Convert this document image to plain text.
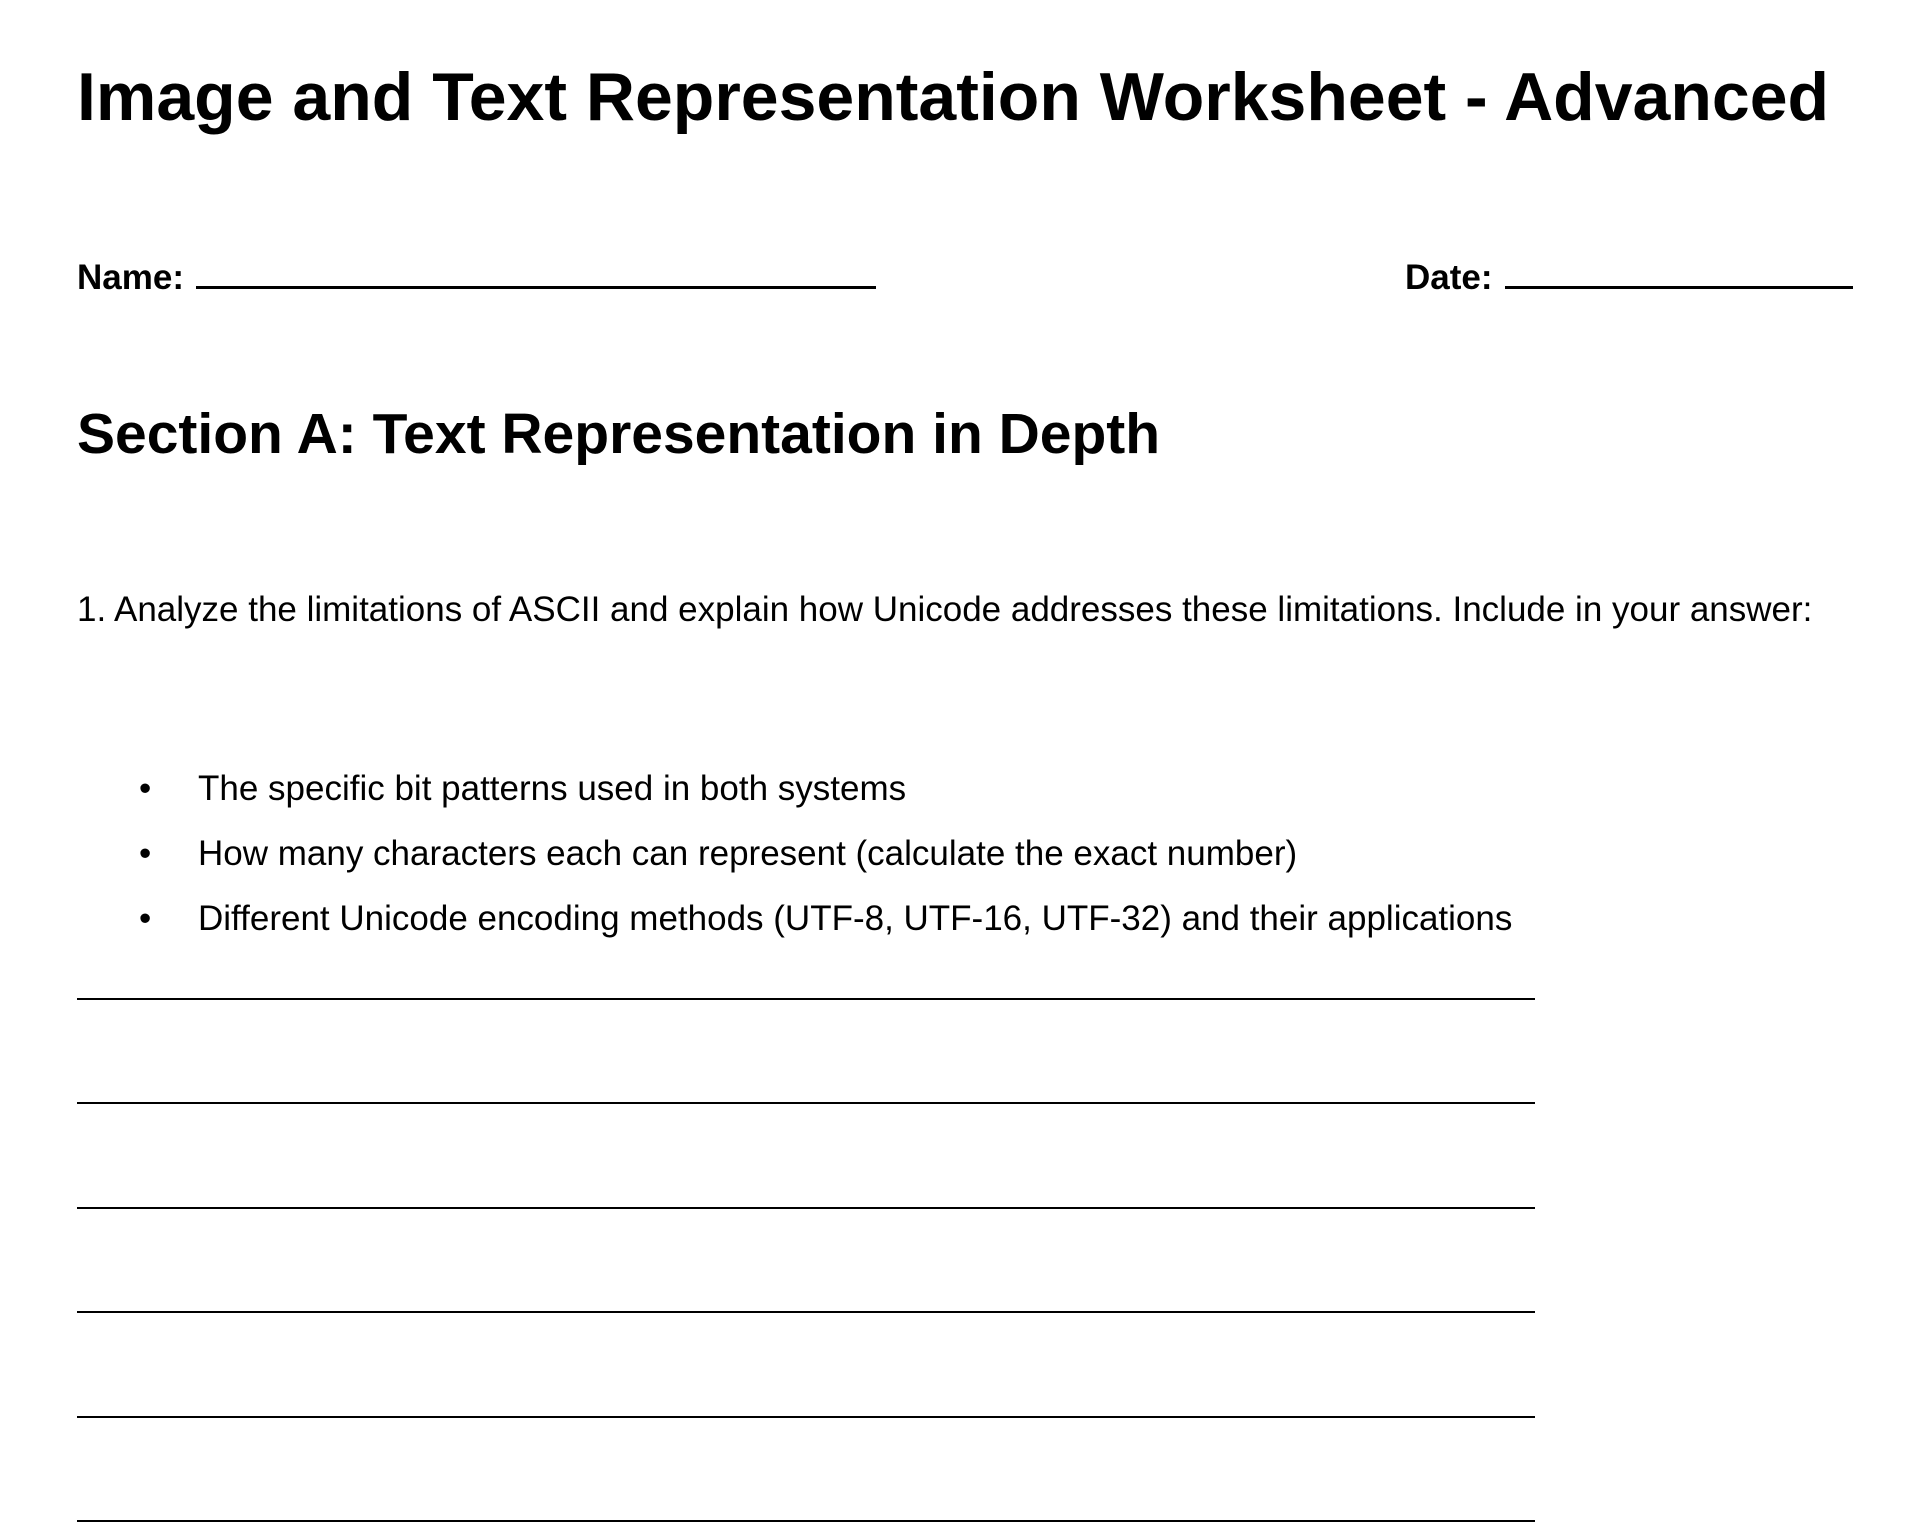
Image and Text Representation Worksheet - Advanced
Name:	Date:
Section A: Text Representation in Depth

1. Analyze the limitations of ASCII and explain how Unicode addresses these limitations. Include in your answer:

• The specific bit patterns used in both systems
• How many characters each can represent (calculate the exact number)
• Different Unicode encoding methods (UTF-8, UTF-16, UTF-32) and their applications
